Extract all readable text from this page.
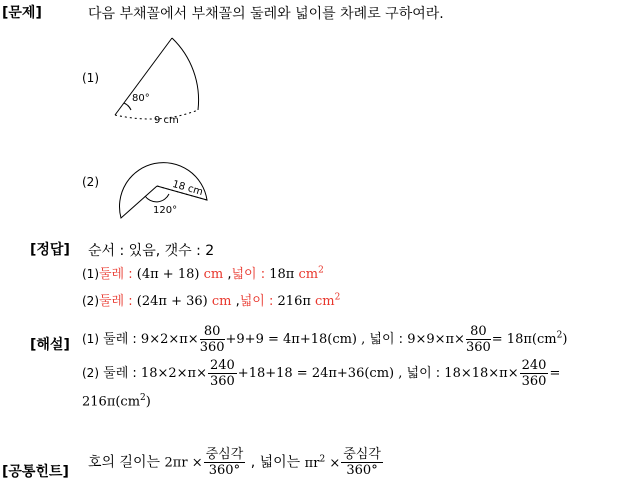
[문제]	다음 부채꼴에서 부채꼴의 둘레와 넓이를 차례로 구하여라.
(1)
80°
9 cm
(2)	18 cm
120°
[정답] 순서 : 있음, 갯수 : 2
(1)둘레 : (4π + 18) cm ,넓이 : 18π $cm^2$
(2)둘레 : (24π + 36) cm ,넓이 : 216π $cm^2$
[해설] (1) 둘레 : $9\times 2\times\pi\times \frac{80}{360} +9+9 = 4\pi+18(cm)$ , 넓이 : $9\times 9\times\pi\times \frac{80}{360} = 18\pi(cm^2)$
(2) 둘레 : $18\times 2\times\pi\times \frac{240}{360} +18+18 = 24\pi+36(cm)$ , 넓이 : $18\times 18\times\pi\times \frac{240}{360}$ =
$216\pi(cm^2)$
[공통힌트]
호의 길이는 $2\pi r \times \frac{\text{중심각}}{360^\circ}$ , 넓이는 $\pi r^2 \times \frac{\text{중심각}}{360^\circ}$
